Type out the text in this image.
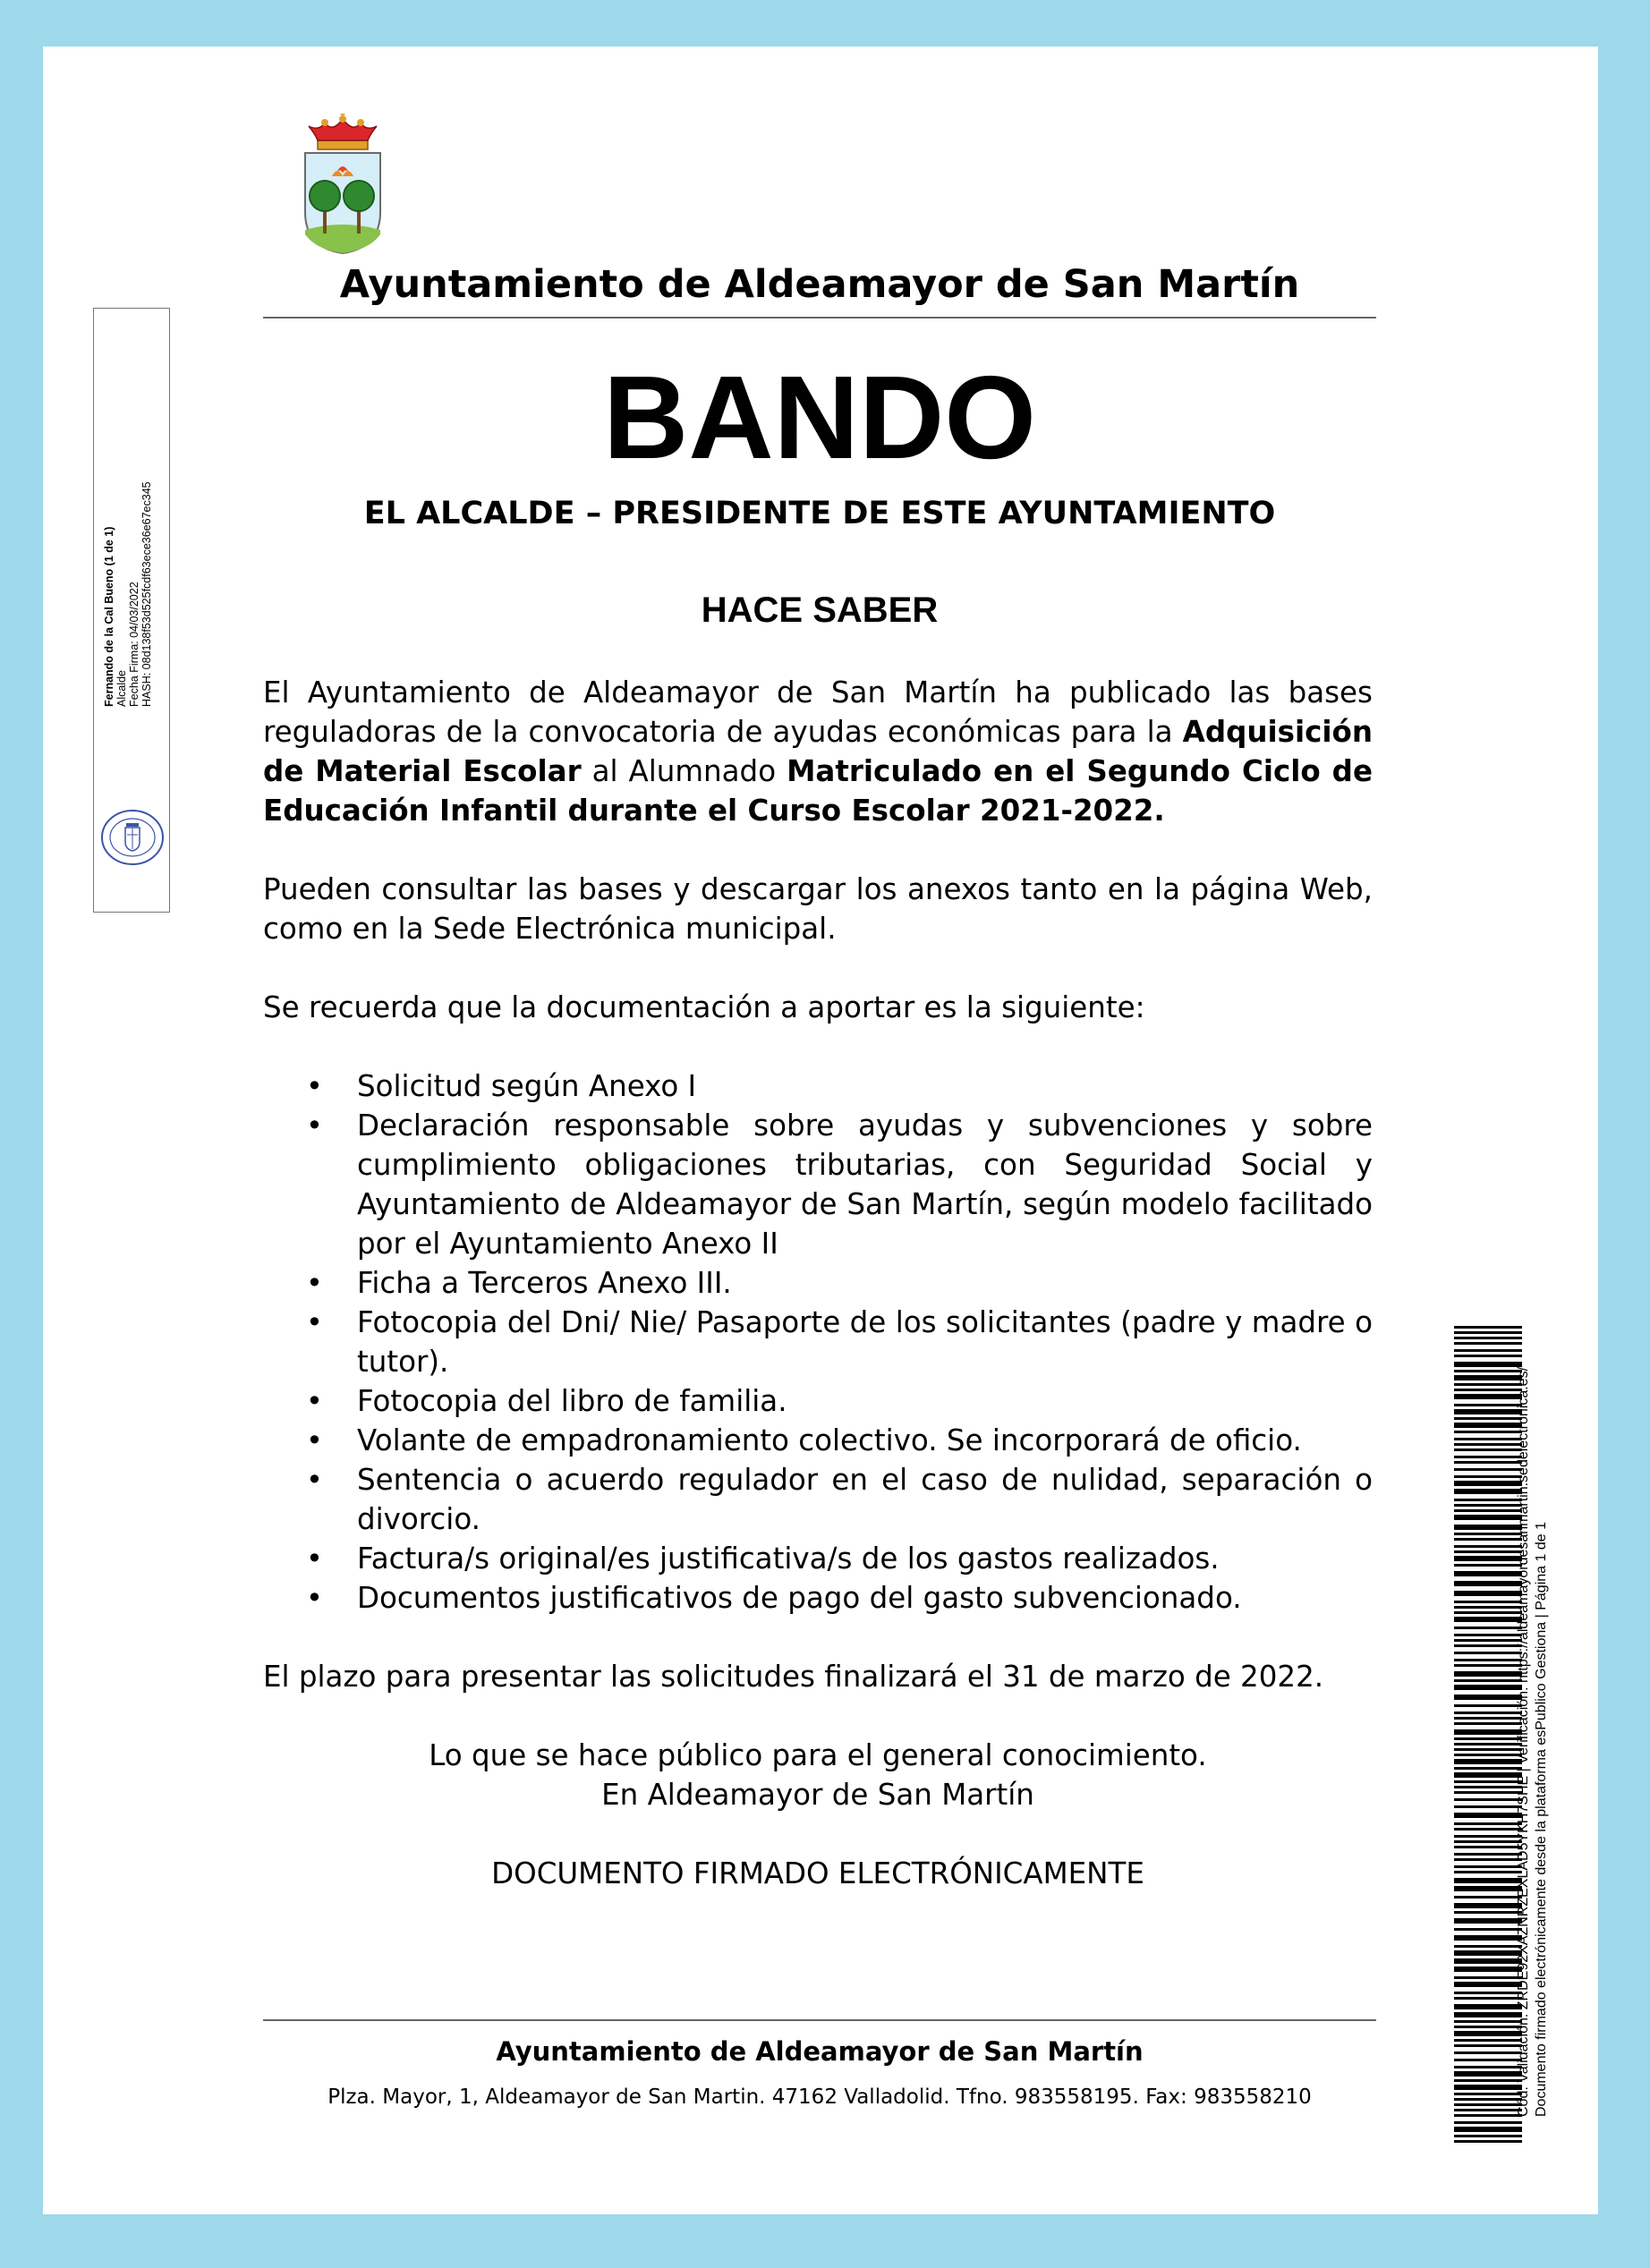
Ayuntamiento de Aldeamayor de San Martín
BANDO
EL ALCALDE – PRESIDENTE DE ESTE AYUNTAMIENTO
HACE SABER

El Ayuntamiento de Aldeamayor de San Martín ha publicado las bases reguladoras de la convocatoria de ayudas económicas para la Adquisición de Material Escolar al Alumnado Matriculado en el Segundo Ciclo de Educación Infantil durante el Curso Escolar 2021-2022.

Pueden consultar las bases y descargar los anexos tanto en la página Web, como en la Sede Electrónica municipal.

Se recuerda que la documentación a aportar es la siguiente:

• Solicitud según Anexo I
• Declaración responsable sobre ayudas y subvenciones y sobre cumplimiento obligaciones tributarias, con Seguridad Social y Ayuntamiento de Aldeamayor de San Martín, según modelo facilitado por el Ayuntamiento Anexo II
• Ficha a Terceros Anexo III.
• Fotocopia del Dni/ Nie/ Pasaporte de los solicitantes (padre y madre o tutor).
• Fotocopia del libro de familia.
• Volante de empadronamiento colectivo. Se incorporará de oficio.
• Sentencia o acuerdo regulador en el caso de nulidad, separación o divorcio.
• Factura/s original/es justificativa/s de los gastos realizados.
• Documentos justificativos de pago del gasto subvencionado.

El plazo para presentar las solicitudes finalizará el 31 de marzo de 2022.

Lo que se hace público para el general conocimiento.
En Aldeamayor de San Martín
DOCUMENTO FIRMADO ELECTRÓNICAMENTE
Ayuntamiento de Aldeamayor de San Martín
Plza. Mayor, 1, Aldeamayor de San Martin. 47162 Valladolid. Tfno. 983558195. Fax: 983558210
Fernando de la Cal Bueno (1 de 1) Alcalde Fecha Firma: 04/03/2022 HASH: 08d138f53d525fcdf63ece36e67ec345
Cód. Validación: ZRDE92XAZNRZEXLAD5YKH7SHE | Verificación: https://aldeamayordesanmartin.sedelectronica.es/ Documento firmado electrónicamente desde la plataforma esPublico Gestiona | Página 1 de 1
